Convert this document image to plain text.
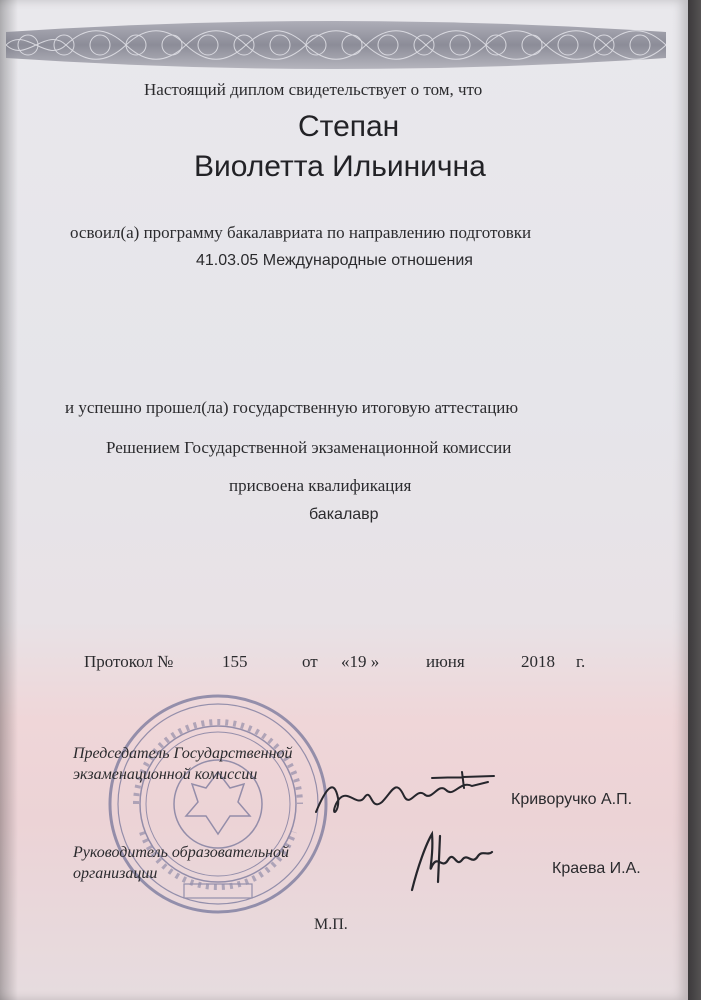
Настоящий диплом свидетельствует о том, что
Степан
Виолетта Ильинична
освоил(а) программу бакалавриата по направлению подготовки
41.03.05 Международные отношения
и успешно прошел(ла) государственную итоговую аттестацию
Решением Государственной экзаменационной комиссии
присвоена квалификация
бакалавр
Протокол №	155	от «19 »	июня	2018 г.
Председатель Государственной экзаменационной комиссии
Криворучко А.П.
Руководитель образовательной организации	Краева И.А.
М.П.
